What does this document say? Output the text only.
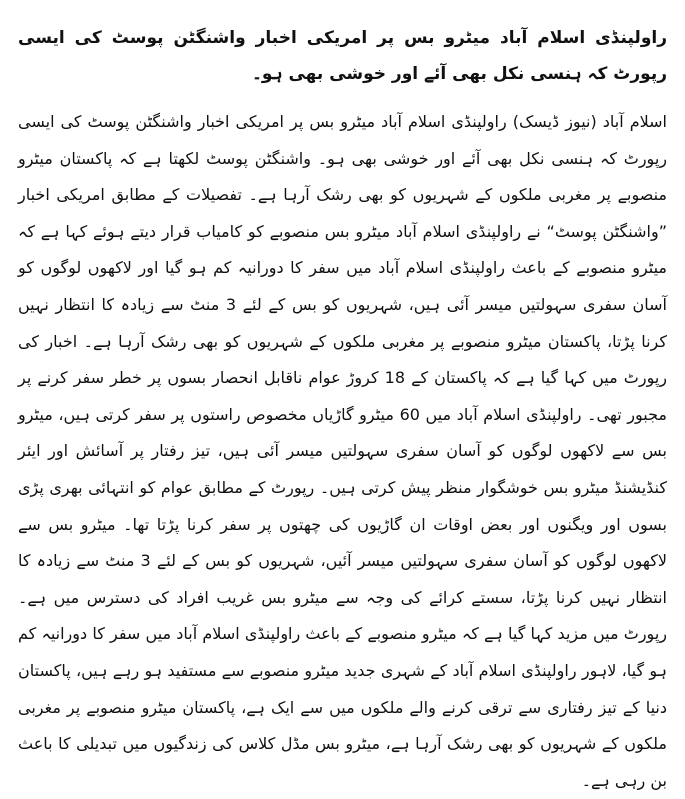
راولپنڈی اسلام آباد میٹرو بس پر امریکی اخبار واشنگٹن پوسٹ کی ایسی رپورٹ کہ ہنسی نکل بھی آئے اور خوشی بھی ہو۔

اسلام آباد (نیوز ڈیسک) راولپنڈی اسلام آباد میٹرو بس پر امریکی اخبار واشنگٹن پوسٹ کی ایسی رپورٹ کہ ہنسی نکل بھی آئے اور خوشی بھی ہو۔ واشنگٹن پوسٹ لکھتا ہے کہ پاکستان میٹرو منصوبے پر مغربی ملکوں کے شہریوں کو بھی رشک آرہا ہے۔ تفصیلات کے مطابق امریکی اخبار ”واشنگٹن پوسٹ“ نے راولپنڈی اسلام آباد میٹرو بس منصوبے کو کامیاب قرار دیتے ہوئے کہا ہے کہ میٹرو منصوبے کے باعث راولپنڈی اسلام آباد میں سفر کا دورانیہ کم ہو گیا اور لاکھوں لوگوں کو آسان سفری سہولتیں میسر آئی ہیں، شہریوں کو بس کے لئے 3 منٹ سے زیادہ کا انتظار نہیں کرنا پڑتا، پاکستان میٹرو منصوبے پر مغربی ملکوں کے شہریوں کو بھی رشک آرہا ہے۔ اخبار کی رپورٹ میں کہا گیا ہے کہ پاکستان کے 18 کروڑ عوام ناقابل انحصار بسوں پر خطر سفر کرنے پر مجبور تھی۔ راولپنڈی اسلام آباد میں 60 میٹرو گاڑیاں مخصوص راستوں پر سفر کرتی ہیں، میٹرو بس سے لاکھوں لوگوں کو آسان سفری سہولتیں میسر آئی ہیں، تیز رفتار پر آسائش اور ایئر کنڈیشنڈ میٹرو بس خوشگوار منظر پیش کرتی ہیں۔ رپورٹ کے مطابق عوام کو انتہائی بھری پڑی بسوں اور ویگنوں اور بعض اوقات ان گاڑیوں کی چھتوں پر سفر کرنا پڑتا تھا۔ میٹرو بس سے لاکھوں لوگوں کو آسان سفری سہولتیں میسر آئیں، شہریوں کو بس کے لئے 3 منٹ سے زیادہ کا انتظار نہیں کرنا پڑتا، سستے کرائے کی وجہ سے میٹرو بس غریب افراد کی دسترس میں ہے۔ رپورٹ میں مزید کہا گیا ہے کہ میٹرو منصوبے کے باعث راولپنڈی اسلام آباد میں سفر کا دورانیہ کم ہو گیا، لاہور راولپنڈی اسلام آباد کے شہری جدید میٹرو منصوبے سے مستفید ہو رہے ہیں، پاکستان دنیا کے تیز رفتاری سے ترقی کرنے والے ملکوں میں سے ایک ہے، پاکستان میٹرو منصوبے پر مغربی ملکوں کے شہریوں کو بھی رشک آرہا ہے، میٹرو بس مڈل کلاس کی زندگیوں میں تبدیلی کا باعث بن رہی ہے۔
